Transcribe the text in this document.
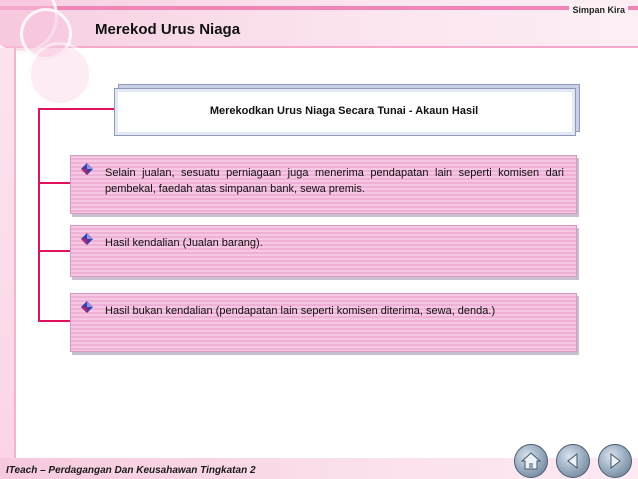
Simpan Kira
Merekod Urus Niaga
Merekodkan Urus Niaga Secara Tunai - Akaun Hasil
Selain jualan, sesuatu perniagaan juga menerima pendapatan lain seperti komisen dari pembekal, faedah atas simpanan bank, sewa premis.
Hasil kendalian (Jualan barang).
Hasil bukan kendalian (pendapatan lain seperti komisen diterima, sewa, denda.)
ITeach – Perdagangan Dan Keusahawan Tingkatan 2
